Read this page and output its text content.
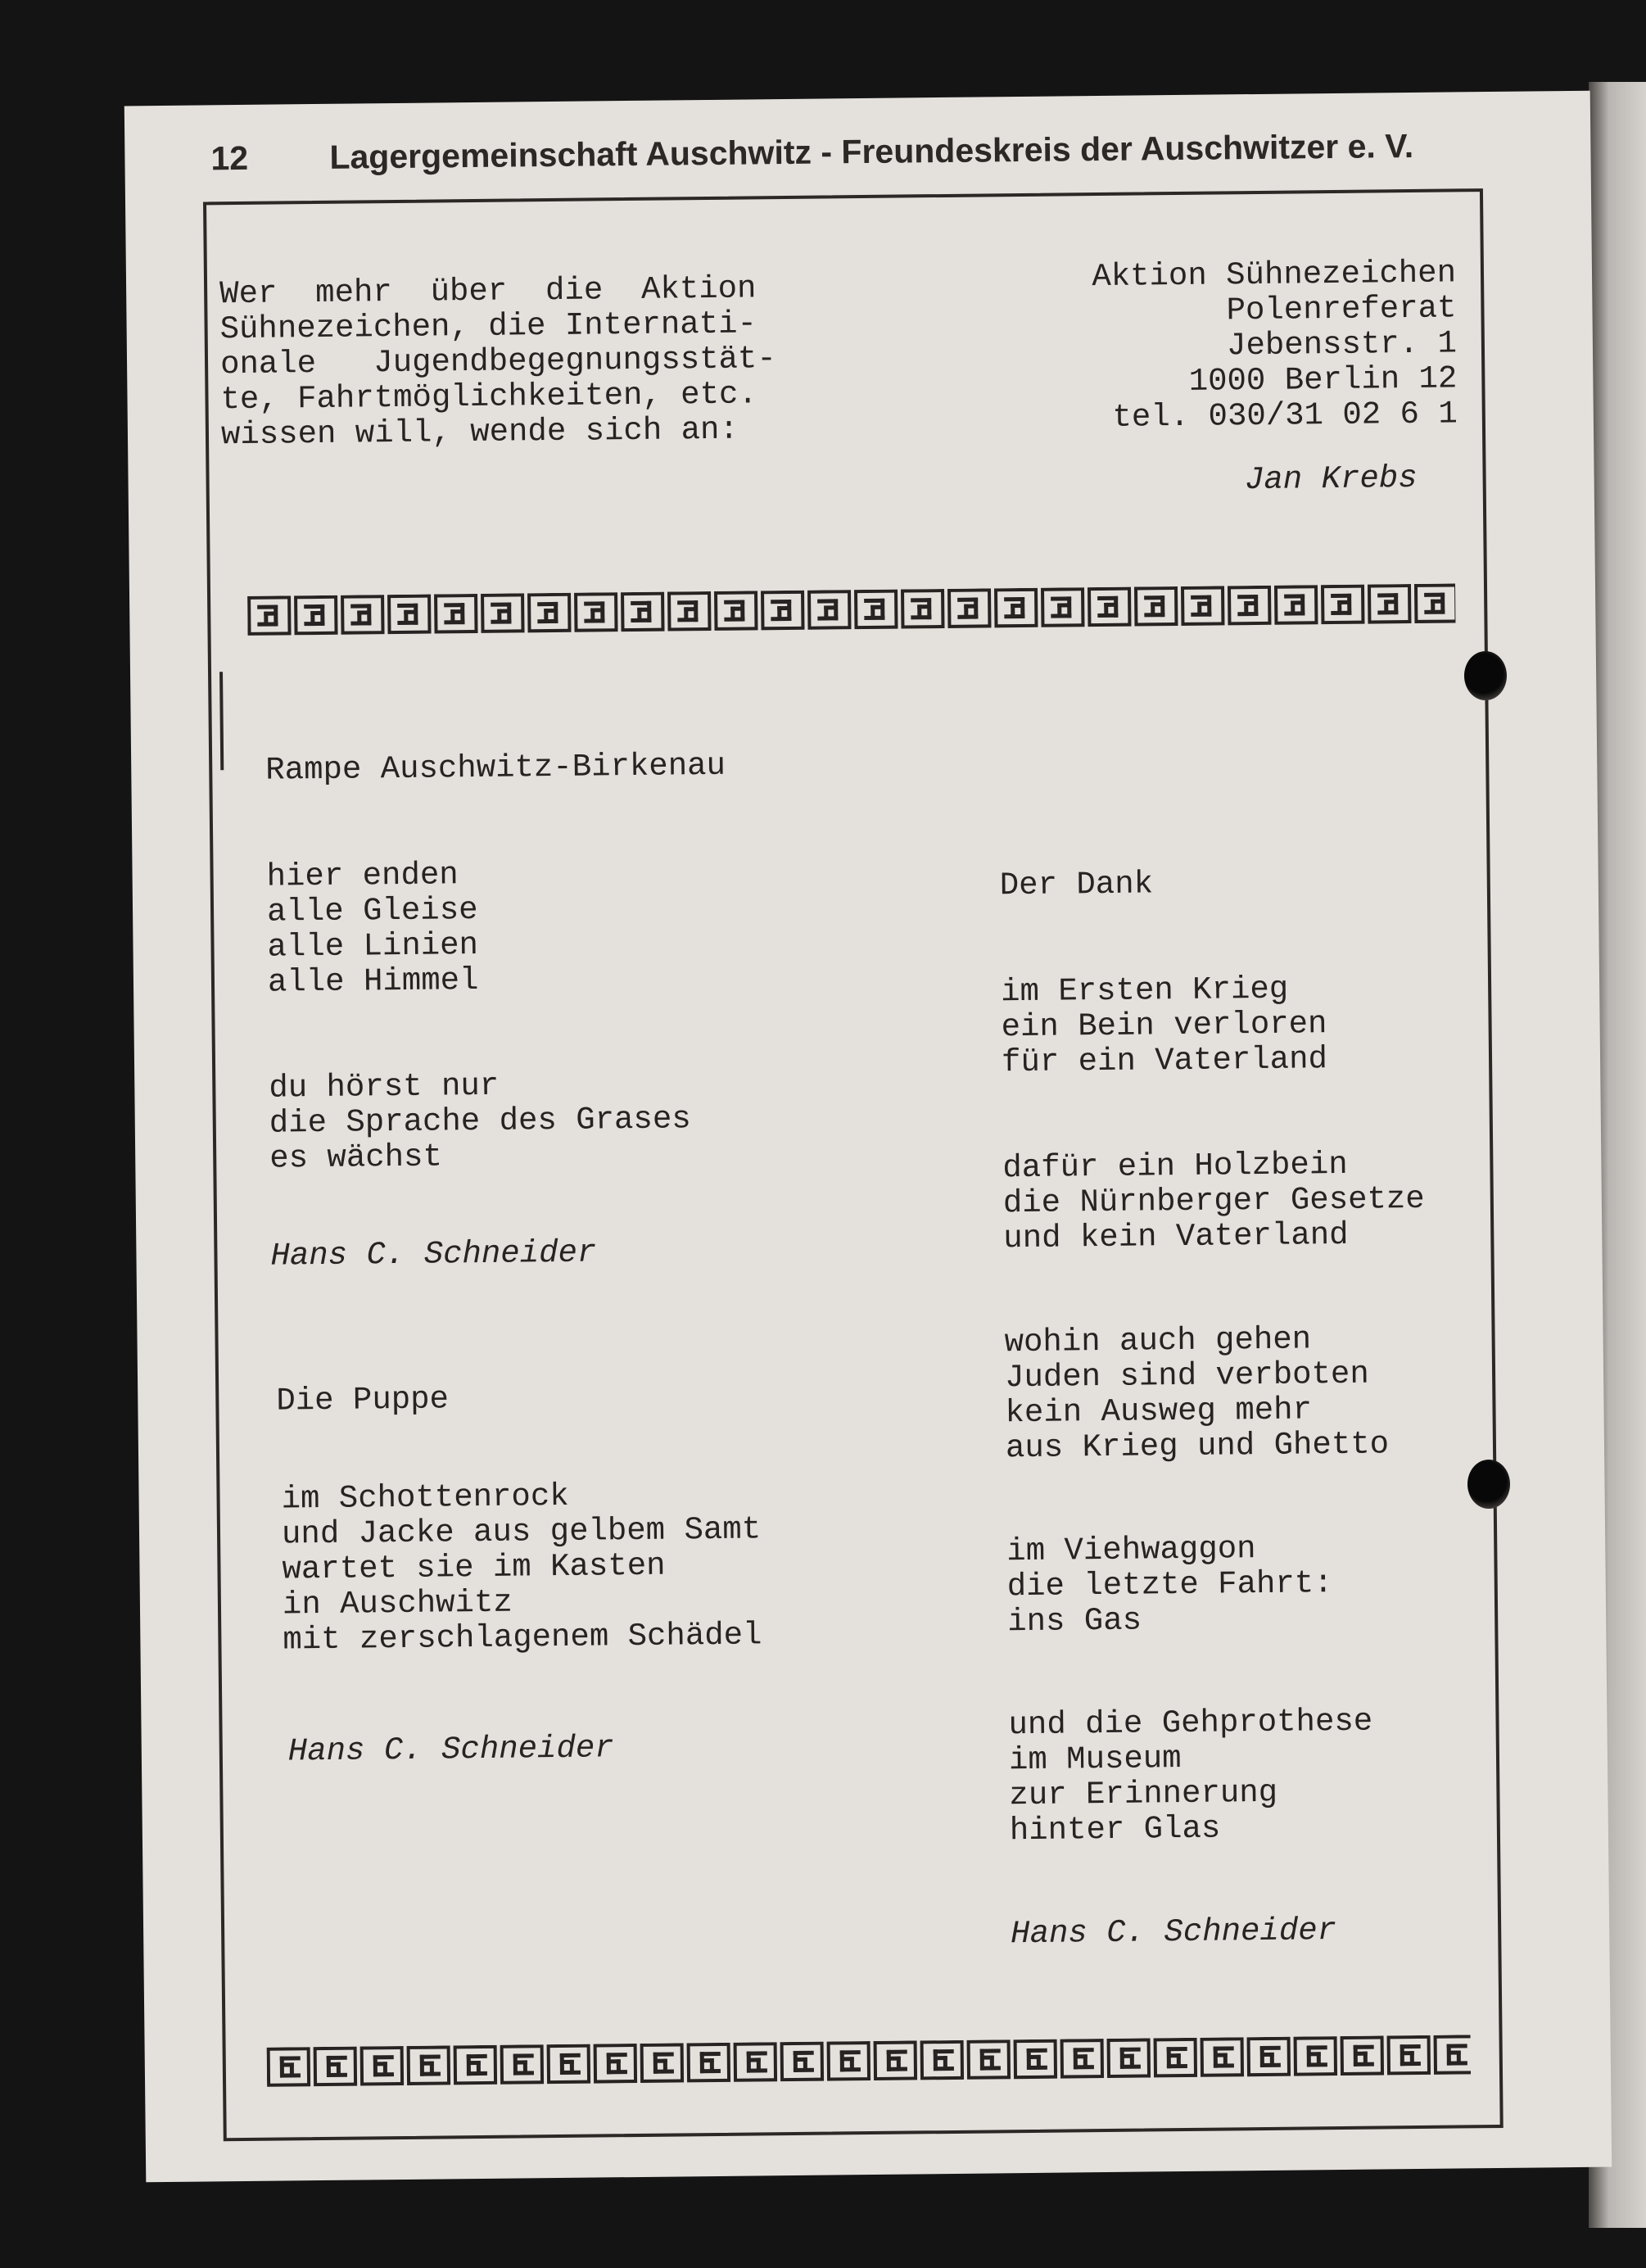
12 Lagergemeinschaft Auschwitz - Freundeskreis der Auschwitzer e. V.
Wer  mehr  über  die  Aktion
Sühnezeichen, die Internati-
onale   Jugendbegegnungsstät-
te, Fahrtmöglichkeiten, etc.
wissen will, wende sich an:
Aktion Sühnezeichen
Polenreferat
Jebensstr. 1
1000 Berlin 12
tel. 030/31 02 6 1
Jan Krebs
Rampe Auschwitz-Birkenau
hier enden
alle Gleise
alle Linien
alle Himmel
du hörst nur
die Sprache des Grases
es wächst
Hans C. Schneider
Die Puppe
im Schottenrock
und Jacke aus gelbem Samt
wartet sie im Kasten
in Auschwitz
mit zerschlagenem Schädel
Hans C. Schneider
Der Dank
im Ersten Krieg
ein Bein verloren
für ein Vaterland
dafür ein Holzbein
die Nürnberger Gesetze
und kein Vaterland
wohin auch gehen
Juden sind verboten
kein Ausweg mehr
aus Krieg und Ghetto
im Viehwaggon
die letzte Fahrt:
ins Gas
und die Gehprothese
im Museum
zur Erinnerung
hinter Glas
Hans C. Schneider
